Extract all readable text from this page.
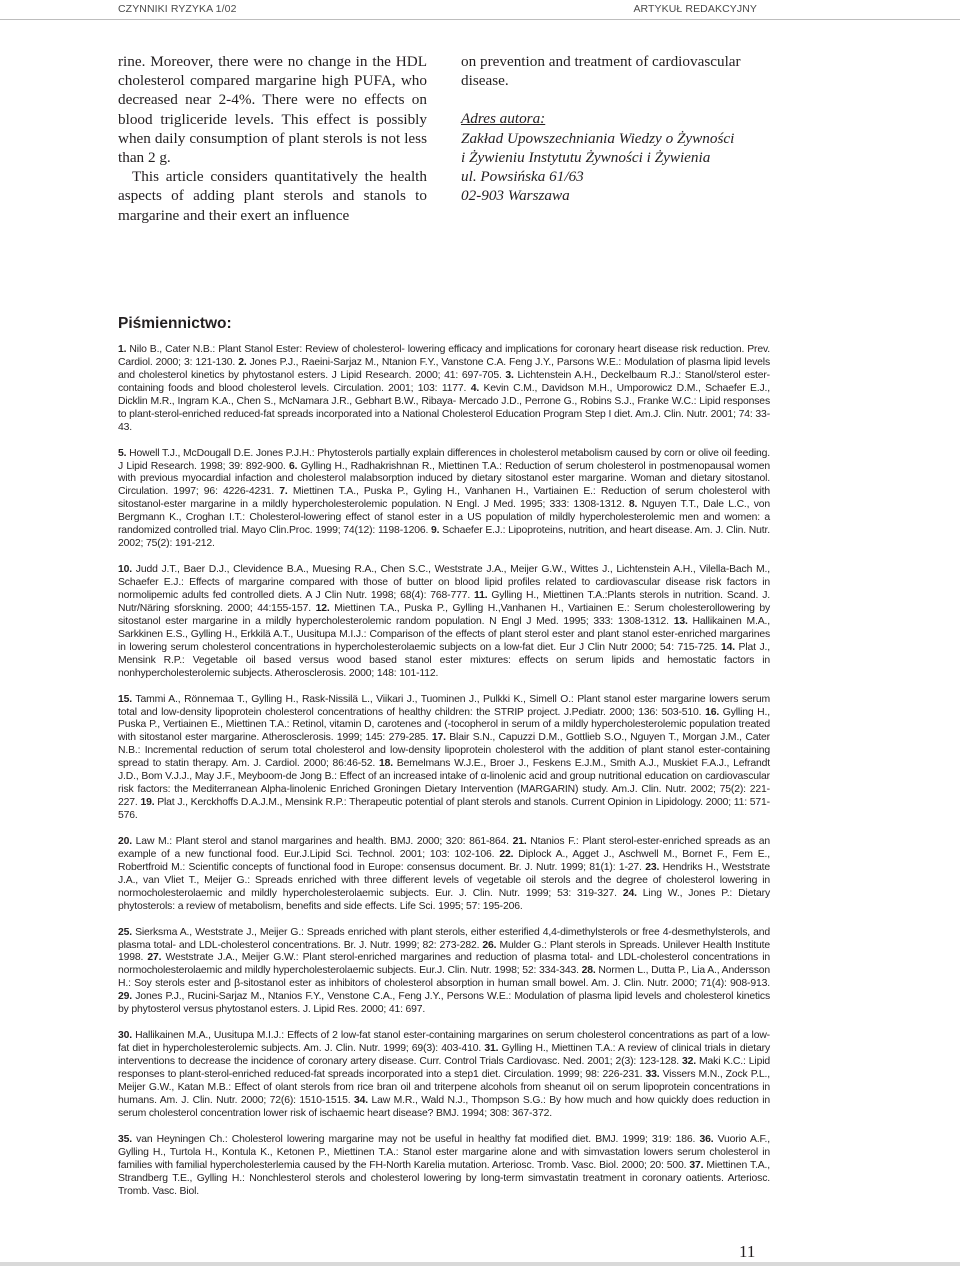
CZYNNIKI RYZYKA 1/02	ARTYKUŁ REDAKCYJNY

rine. Moreover, there were no change in the HDL cholesterol compared margarine high PUFA, who decreased near 2-4%. There were no effects on blood trigliceride levels. This effect is possibly when daily consumption of plant sterols is not less than 2 g.

This article considers quantitatively the health aspects of adding plant sterols and stanols to margarine and their exert an influence

on prevention and treatment of cardiovascular disease.

Adres autora:
Zakład Upowszechniania Wiedzy o Żywności
i Żywieniu Instytutu Żywności i Żywienia
ul. Powsińska 61/63
02-903 Warszawa
Piśmiennictwo:

1. Nilo B., Cater N.B.: Plant Stanol Ester: Review of cholesterol- lowering efficacy and implications for coronary heart disease risk reduction. Prev. Cardiol. 2000; 3: 121-130. 2. Jones P.J., Raeini-Sarjaz M., Ntanion F.Y., Vanstone C.A. Feng J.Y., Parsons W.E.: Modulation of plasma lipid levels and cholesterol kinetics by phytostanol esters. J Lipid Research. 2000; 41: 697-705. 3. Lichtenstein A.H., Deckelbaum R.J.: Stanol/sterol ester-containing foods and blood cholesterol levels. Circulation. 2001; 103: 1177. 4. Kevin C.M., Davidson M.H., Umporowicz D.M., Schaefer E.J., Dicklin M.R., Ingram K.A., Chen S., McNamara J.R., Gebhart B.W., Ribaya- Mercado J.D., Perrone G., Robins S.J., Franke W.C.: Lipid responses to plant-sterol-enriched reduced-fat spreads incorporated into a National Cholesterol Education Program Step I diet. Am.J. Clin. Nutr. 2001; 74: 33-43.

5. Howell T.J., McDougall D.E. Jones P.J.H.: Phytosterols partially explain differences in cholesterol metabolism caused by corn or olive oil feeding. J Lipid Research. 1998; 39: 892-900. 6. Gylling H., Radhakrishnan R., Miettinen T.A.: Reduction of serum cholesterol in postmenopausal women with previous myocardial infaction and cholesterol malabsorption induced by dietary sitostanol ester margarine. Woman and dietary sitostanol. Circulation. 1997; 96: 4226-4231. 7. Miettinen T.A., Puska P., Gyling H., Vanhanen H., Vartiainen E.: Reduction of serum cholesterol with sitostanol-ester margarine in a mildly hypercholesterolemic population. N Engl. J Med. 1995; 333: 1308-1312. 8. Nguyen T.T., Dale L.C., von Bergmann K., Croghan I.T.: Cholesterol-lowering effect of stanol ester in a US population of mildly hypercholesterolemic men and women: a randomized controlled trial. Mayo Clin.Proc. 1999; 74(12): 1198-1206. 9. Schaefer E.J.: Lipoproteins, nutrition, and heart disease. Am. J. Clin. Nutr. 2002; 75(2): 191-212.

10. Judd J.T., Baer D.J., Clevidence B.A., Muesing R.A., Chen S.C., Weststrate J.A., Meijer G.W., Wittes J., Lichtenstein A.H., Vilella-Bach M., Schaefer E.J.: Effects of margarine compared with those of butter on blood lipid profiles related to cardiovascular disease risk factors in normolipemic adults fed controlled diets. A J Clin Nutr. 1998; 68(4): 768-777. 11. Gylling H., Miettinen T.A.:Plants sterols in nutrition. Scand. J. Nutr/Näring sforskning. 2000; 44:155-157. 12. Miettinen T.A., Puska P., Gylling H.,Vanhanen H., Vartiainen E.: Serum cholesterollowering by sitostanol ester margarine in a mildly hypercholesterolemic random population. N Engl J Med. 1995; 333: 1308-1312. 13. Hallikainen M.A., Sarkkinen E.S., Gylling H., Erkkilä A.T., Uusitupa M.I.J.: Comparison of the effects of plant sterol ester and plant stanol ester-enriched margarines in lowering serum cholesterol concentrations in hypercholesterolaemic subjects on a low-fat diet. Eur J Clin Nutr 2000; 54: 715-725. 14. Plat J., Mensink R.P.: Vegetable oil based versus wood based stanol ester mixtures: effects on serum lipids and hemostatic factors in nonhypercholesterolemic subjects. Atherosclerosis. 2000; 148: 101-112.

15. Tammi A., Rönnemaa T., Gylling H., Rask-Nissilä L., Viikari J., Tuominen J., Pulkki K., Simell O.: Plant stanol ester margarine lowers serum total and low-density lipoprotein cholesterol concentrations of healthy children: the STRIP project. J.Pediatr. 2000; 136: 503-510. 16. Gylling H., Puska P., Vertiainen E., Miettinen T.A.: Retinol, vitamin D, carotenes and (-tocopherol in serum of a mildly hypercholesterolemic population treated with sitostanol ester margarine. Atherosclerosis. 1999; 145: 279-285. 17. Blair S.N., Capuzzi D.M., Gottlieb S.O., Nguyen T., Morgan J.M., Cater N.B.: Incremental reduction of serum total cholesterol and low-density lipoprotein cholesterol with the addition of plant stanol ester-containing spread to statin therapy. Am. J. Cardiol. 2000; 86:46-52. 18. Bemelmans W.J.E., Broer J., Feskens E.J.M., Smith A.J., Muskiet F.A.J., Lefrandt J.D., Bom V.J.J., May J.F., Meyboom-de Jong B.: Effect of an increased intake of α-linolenic acid and group nutritional education on cardiovascular risk factors: the Mediterranean Alpha-linolenic Enriched Groningen Dietary Intervention (MARGARIN) study. Am.J. Clin. Nutr. 2002; 75(2): 221-227. 19. Plat J., Kerckhoffs D.A.J.M., Mensink R.P.: Therapeutic potential of plant sterols and stanols. Current Opinion in Lipidology. 2000; 11: 571-576.

20. Law M.: Plant sterol and stanol margarines and health. BMJ. 2000; 320: 861-864. 21. Ntanios F.: Plant sterol-ester-enriched spreads as an example of a new functional food. Eur.J.Lipid Sci. Technol. 2001; 103: 102-106. 22. Diplock A., Agget J., Aschwell M., Bornet F., Fem E., Robertfroid M.: Scientific concepts of functional food in Europe: consensus document. Br. J. Nutr. 1999; 81(1): 1-27. 23. Hendriks H., Weststrate J.A., van Vliet T., Meijer G.: Spreads enriched with three different levels of vegetable oil sterols and the degree of cholesterol lowering in normocholesterolaemic and mildly hypercholesterolaemic subjects. Eur. J. Clin. Nutr. 1999; 53: 319-327. 24. Ling W., Jones P.: Dietary phytosterols: a review of metabolism, benefits and side effects. Life Sci. 1995; 57: 195-206.

25. Sierksma A., Weststrate J., Meijer G.: Spreads enriched with plant sterols, either esterified 4,4-dimethylsterols or free 4-desmethylsterols, and plasma total- and LDL-cholesterol concentrations. Br. J. Nutr. 1999; 82: 273-282. 26. Mulder G.: Plant sterols in Spreads. Unilever Health Institute 1998. 27. Weststrate J.A., Meijer G.W.: Plant sterol-enriched margarines and reduction of plasma total- and LDL-cholesterol concentrations in normocholesterolaemic and mildly hypercholesterolaemic subjects. Eur.J. Clin. Nutr. 1998; 52: 334-343. 28. Normen L., Dutta P., Lia A., Andersson H.: Soy sterols ester and β-sitostanol ester as inhibitors of cholesterol absorption in human small bowel. Am. J. Clin. Nutr. 2000; 71(4): 908-913. 29. Jones P.J., Rucini-Sarjaz M., Ntanios F.Y., Venstone C.A., Feng J.Y., Persons W.E.: Modulation of plasma lipid levels and cholesterol kinetics by phytosterol versus phytostanol esters. J. Lipid Res. 2000; 41: 697.

30. Hallikainen M.A., Uusitupa M.I.J.: Effects of 2 low-fat stanol ester-containing margarines on serum cholesterol concentrations as part of a low-fat diet in hypercholesterolemic subjects. Am. J. Clin. Nutr. 1999; 69(3): 403-410. 31. Gylling H., Miettinen T.A.: A review of clinical trials in dietary interventions to decrease the incidence of coronary artery disease. Curr. Control Trials Cardiovasc. Ned. 2001; 2(3): 123-128. 32. Maki K.C.: Lipid responses to plant-sterol-enriched reduced-fat spreads incorporated into a step1 diet. Circulation. 1999; 98: 226-231. 33. Vissers M.N., Zock P.L., Meijer G.W., Katan M.B.: Effect of olant sterols from rice bran oil and triterpene alcohols from sheanut oil on serum lipoprotein concentrations in humans. Am. J. Clin. Nutr. 2000; 72(6): 1510-1515. 34. Law M.R., Wald N.J., Thompson S.G.: By how much and how quickly does reduction in serum cholesterol concentration lower risk of ischaemic heart disease? BMJ. 1994; 308: 367-372.

35. van Heyningen Ch.: Cholesterol lowering margarine may not be useful in healthy fat modified diet. BMJ. 1999; 319: 186. 36. Vuorio A.F., Gylling H., Turtola H., Kontula K., Ketonen P., Miettinen T.A.: Stanol ester margarine alone and with simvastation lowers serum cholesterol in families with familial hypercholesterlemia caused by the FH-North Karelia mutation. Arteriosc. Tromb. Vasc. Biol. 2000; 20: 500. 37. Miettinen T.A., Strandberg T.E., Gylling H.: Nonchlesterol sterols and cholesterol lowering by long-term simvastatin treatment in coronary oatients. Arteriosc. Tromb. Vasc. Biol.

11
